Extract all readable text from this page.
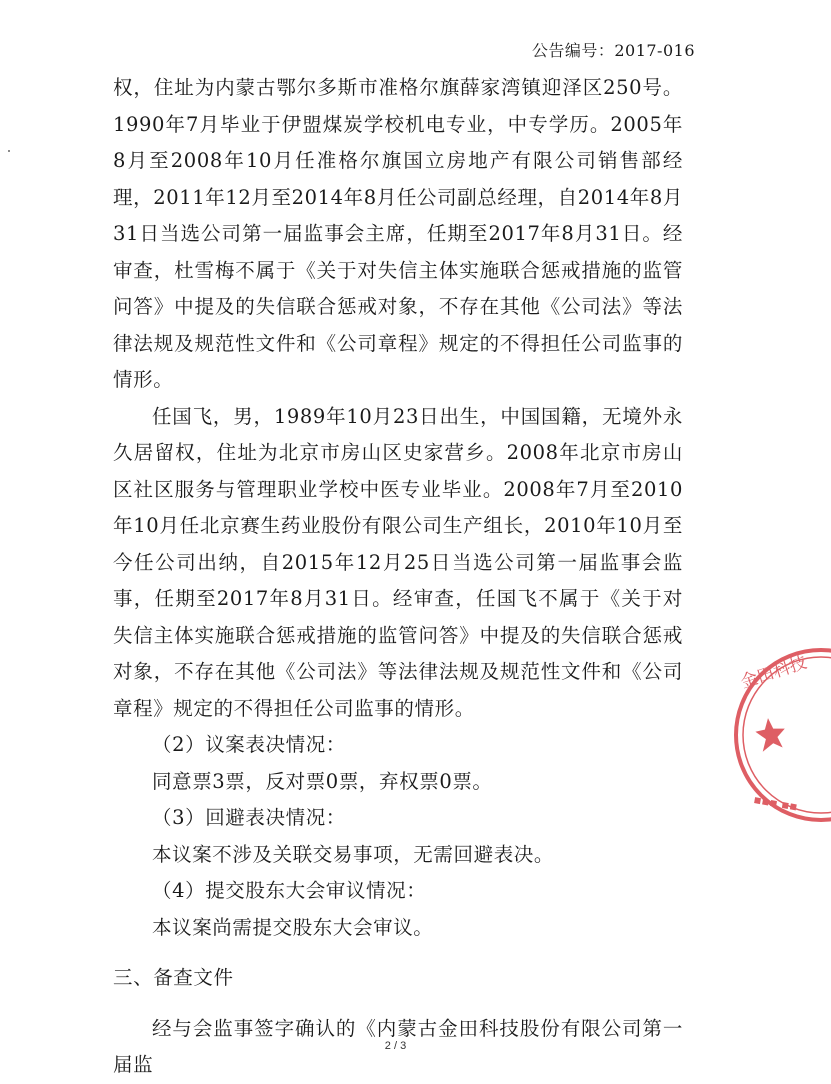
公告编号：2017-016

权，住址为内蒙古鄂尔多斯市准格尔旗薛家湾镇迎泽区250号。1990年7月毕业于伊盟煤炭学校机电专业，中专学历。2005年8月至2008年10月任准格尔旗国立房地产有限公司销售部经理，2011年12月至2014年8月任公司副总经理，自2014年8月31日当选公司第一届监事会主席，任期至2017年8月31日。经审查，杜雪梅不属于《关于对失信主体实施联合惩戒措施的监管问答》中提及的失信联合惩戒对象，不存在其他《公司法》等法律法规及规范性文件和《公司章程》规定的不得担任公司监事的情形。

任国飞，男，1989年10月23日出生，中国国籍，无境外永久居留权，住址为北京市房山区史家营乡。2008年北京市房山区社区服务与管理职业学校中医专业毕业。2008年7月至2010年10月任北京赛生药业股份有限公司生产组长，2010年10月至今任公司出纳，自2015年12月25日当选公司第一届监事会监事，任期至2017年8月31日。经审查，任国飞不属于《关于对失信主体实施联合惩戒措施的监管问答》中提及的失信联合惩戒对象，不存在其他《公司法》等法律法规及规范性文件和《公司章程》规定的不得担任公司监事的情形。

（2）议案表决情况：

同意票3票，反对票0票，弃权票0票。

（3）回避表决情况：

本议案不涉及关联交易事项，无需回避表决。

（4）提交股东大会审议情况：

本议案尚需提交股东大会审议。

三、备查文件

经与会监事签字确认的《内蒙古金田科技股份有限公司第一届监

金田科技
▪▪▪ ▪▪
2 / 3
